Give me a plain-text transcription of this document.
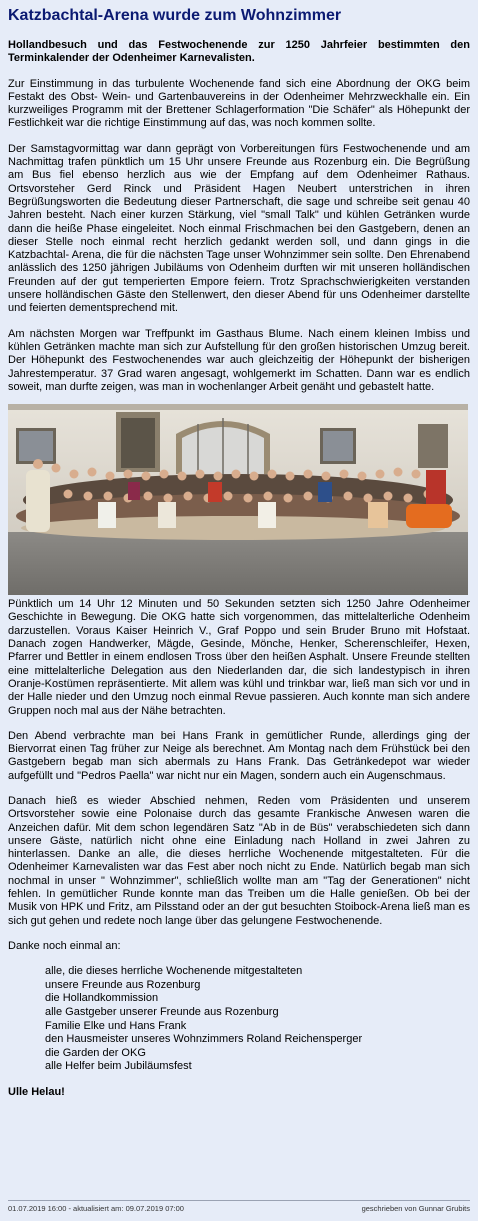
Katzbachtal-Arena wurde zum Wohnzimmer

Hollandbesuch und das Festwochenende zur 1250 Jahrfeier bestimmten den Terminkalender der Odenheimer Karnevalisten.

Zur Einstimmung in das turbulente Wochenende fand sich eine Abordnung der OKG beim Festakt des Obst- Wein- und Gartenbauvereins in der Odenheimer Mehrzweckhalle ein. Ein kurzweiliges Programm mit der Brettener Schlagerformation "Die Schäfer" als Höhepunkt der Festlichkeit war die richtige Einstimmung auf das, was noch kommen sollte.

Der Samstagvormittag war dann geprägt von Vorbereitungen fürs Festwochenende und am Nachmittag trafen pünktlich um 15 Uhr unsere Freunde aus Rozenburg ein. Die Begrüßung am Bus fiel ebenso herzlich aus wie der Empfang auf dem Odenheimer Rathaus. Ortsvorsteher Gerd Rinck und Präsident Hagen Neubert unterstrichen in ihren Begrüßungsworten die Bedeutung dieser Partnerschaft, die sage und schreibe seit genau 40 Jahren besteht. Nach einer kurzen Stärkung, viel "small Talk" und kühlen Getränken wurde dann die heiße Phase eingeleitet. Noch einmal Frischmachen bei den Gastgebern, denen an dieser Stelle noch einmal recht herzlich gedankt werden soll, und dann gings in die Katzbachtal- Arena, die für die nächsten Tage unser Wohnzimmer sein sollte. Den Ehrenabend anlässlich des 1250 jährigen Jubiläums von Odenheim durften wir mit unseren holländischen Freunden auf der gut temperierten Empore feiern. Trotz Sprachschwierigkeiten verstanden unsere holländischen Gäste den Stellenwert, den dieser Abend für uns Odenheimer darstellte und feierten dementsprechend mit.

Am nächsten Morgen war Treffpunkt im Gasthaus Blume. Nach einem kleinen Imbiss und kühlen Getränken machte man sich zur Aufstellung für den großen historischen Umzug bereit. Der Höhepunkt des Festwochenendes war auch gleichzeitig der Höhepunkt der bisherigen Jahrestemperatur. 37 Grad waren angesagt, wohlgemerkt im Schatten. Dann war es endlich soweit, man durfte zeigen, was man in wochenlanger Arbeit genäht und gebastelt hatte.

Pünktlich um 14 Uhr 12 Minuten und 50 Sekunden setzten sich 1250 Jahre Odenheimer Geschichte in Bewegung. Die OKG hatte sich vorgenommen, das mittelalterliche Odenheim darzustellen. Voraus Kaiser Heinrich V., Graf Poppo und sein Bruder Bruno mit Hofstaat. Danach zogen Handwerker, Mägde, Gesinde, Mönche, Henker, Scherenschleifer, Hexen, Pfarrer und Bettler in einem endlosen Tross über den heißen Asphalt. Unsere Freunde stellten eine mittelalterliche Delegation aus den Niederlanden dar, die sich landestypisch in ihren Oranje-Kostümen repräsentierte. Mit allem was kühl und trinkbar war, ließ man sich vor und in der Halle nieder und den Umzug noch einmal Revue passieren. Auch konnte man sich andere Gruppen noch mal aus der Nähe betrachten.

Den Abend verbrachte man bei Hans Frank in gemütlicher Runde, allerdings ging der Biervorrat einen Tag früher zur Neige als berechnet. Am Montag nach dem Frühstück bei den Gastgebern begab man sich abermals zu Hans Frank. Das Getränkedepot war wieder aufgefüllt und "Pedros Paella" war nicht nur ein Magen, sondern auch ein Augenschmaus.

Danach hieß es wieder Abschied nehmen, Reden vom Präsidenten und unserem Ortsvorsteher sowie eine Polonaise durch das gesamte Frankische Anwesen waren die Anzeichen dafür. Mit dem schon legendären Satz "Ab in de Büs" verabschiedeten sich dann unsere Gäste, natürlich nicht ohne eine Einladung nach Holland in zwei Jahren zu hinterlassen. Danke an alle, die dieses herrliche Wochenende mitgestalteten. Für die Odenheimer Karnevalisten war das Fest aber noch nicht zu Ende. Natürlich begab man sich nochmal in unser " Wohnzimmer", schließlich wollte man am "Tag der Generationen" nicht fehlen. In gemütlicher Runde konnte man das Treiben um die Halle genießen. Ob bei der Musik von HPK und Fritz, am Pilsstand oder an der gut besuchten Stoibock-Arena ließ man es sich gut gehen und redete noch lange über das gelungene Festwochenende.

Danke noch einmal an:

alle, die dieses herrliche Wochenende mitgestalteten
unsere Freunde aus Rozenburg
die Hollandkommission
alle Gastgeber unserer Freunde aus Rozenburg
Familie Elke und Hans Frank
den Hausmeister unseres Wohnzimmers Roland Reichensperger
die Garden der OKG
alle Helfer beim Jubiläumsfest

Ulle Helau!

01.07.2019 16:00 - aktualisiert am: 09.07.2019 07:00	geschrieben von Gunnar Grubits
